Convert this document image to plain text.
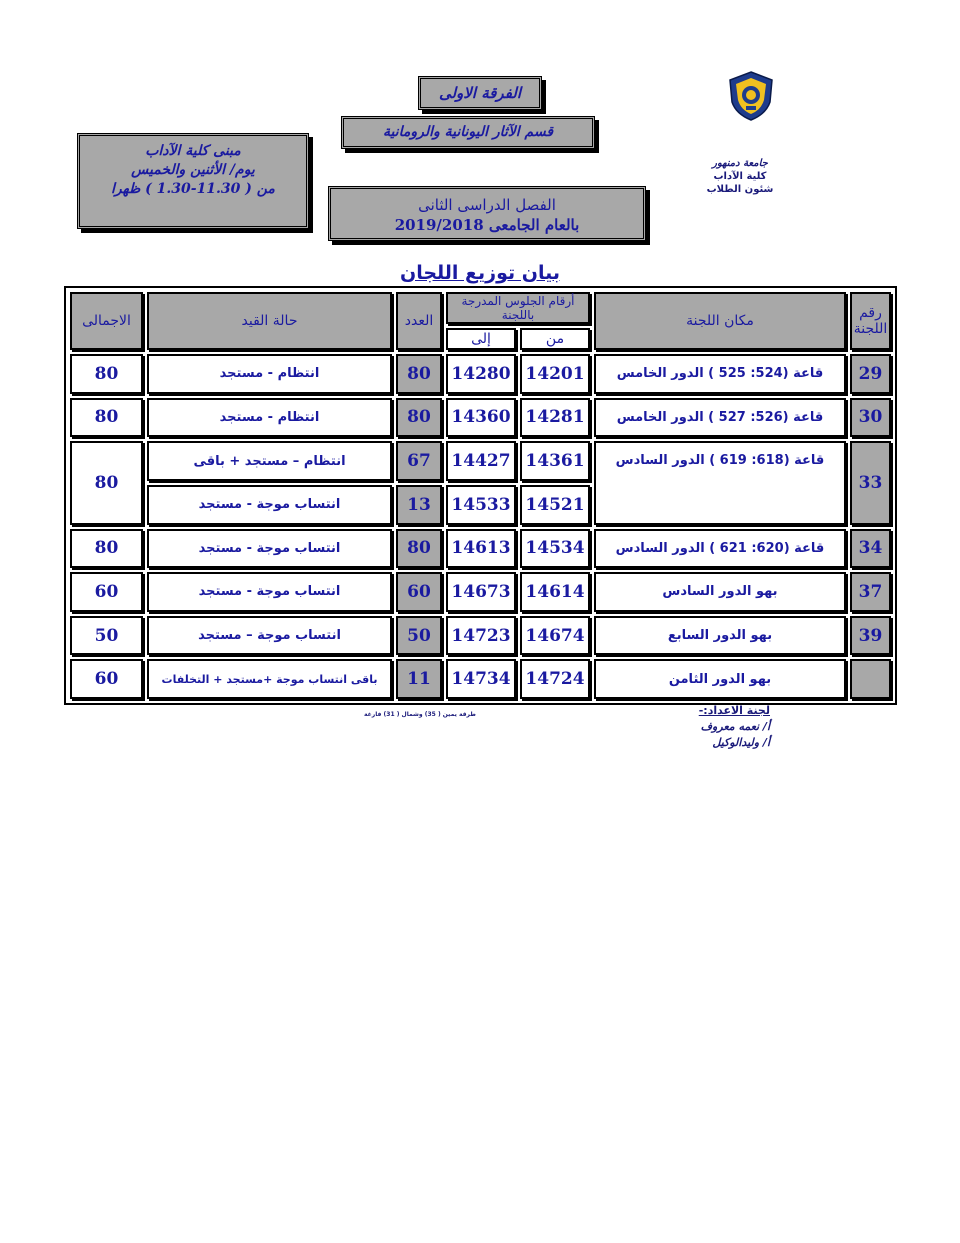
الفرقة الاولى
قسم الآثار اليونانية والرومانية
مبنى كلية الآداب
يوم/ الأثنين والخميس
من ( 11.30-1.30 ) ظهرا
الفصل الدراسى الثانى
بالعام الجامعى 2019/2018
جامعة دمنهور
كلية الآداب
شئون الطلاب
بيان توزيع اللجان
رقم اللجنة	مكان اللجنة	أرقام الجلوس المدرجة باللجنة		العدد	حالة القيد	الاجمالى
		من	إلى			
29	قاعة (524: 525 ) الدور الخامس	14201	14280	80	انتظام - مستجد	80
30	قاعة (526: 527 ) الدور الخامس	14281	14360	80	انتظام - مستجد	80
33	قاعة (618: 619 ) الدور السادس	14361	14427	67	انتظام – مستجد + باقى	80
		14521	14533	13	انتساب موجة - مستجد	
34	قاعة (620: 621 ) الدور السادس	14534	14613	80	انتساب موجة - مستجد	80
37	بهو الدور السادس	14614	14673	60	انتساب موجة - مستجد	60
39	بهو الدور السابع	14674	14723	50	انتساب موجة – مستجد	50
	بهو الدور الثامن	14724	14734	11	باقى انتساب موجة +مستجد + التخلفات	60
طرقة يمين ( 35) وشمال ( 31) فارغة	لجنة الاعداد:-
أ/ نعمه معروف
أ/ وليدالوكيل
